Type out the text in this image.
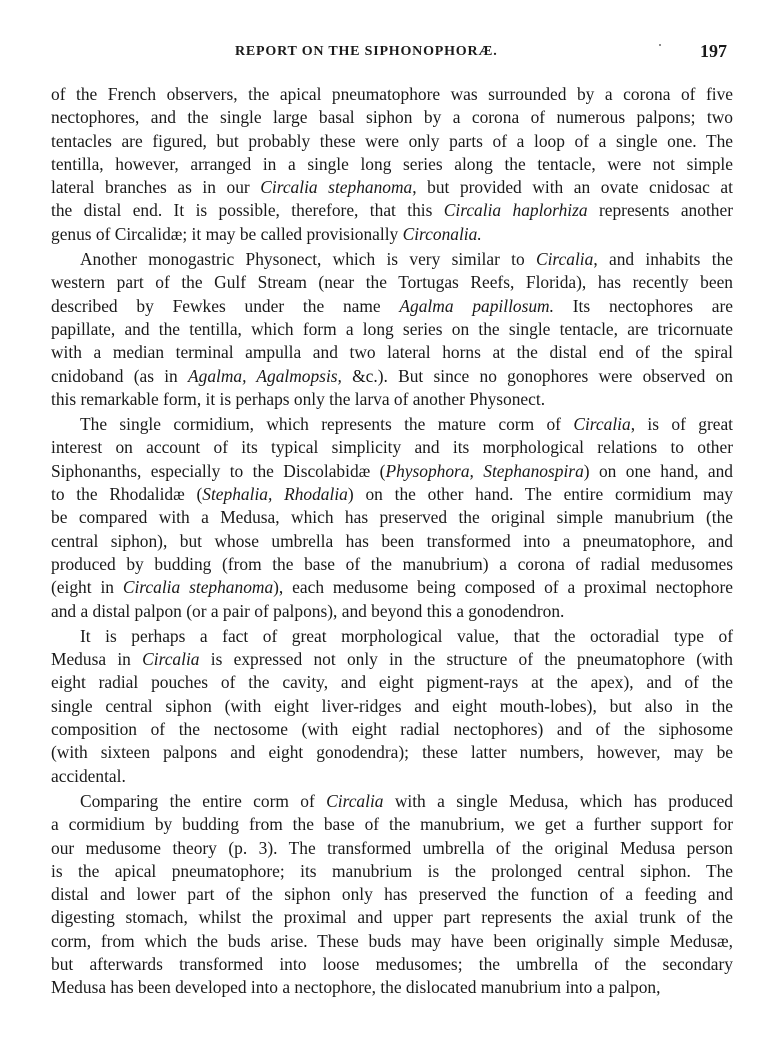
REPORT ON THE SIPHONOPHORÆ.	197
of the French observers, the apical pneumatophore was surrounded by a corona of five
nectophores, and the single large basal siphon by a corona of numerous palpons; two
tentacles are figured, but probably these were only parts of a loop of a single one. The
tentilla, however, arranged in a single long series along the tentacle, were not simple
lateral branches as in our Circalia stephanoma, but provided with an ovate cnidosac at
the distal end. It is possible, therefore, that this Circalia haplorhiza represents another
genus of Circalidæ; it may be called provisionally Circonalia.
Another monogastric Physonect, which is very similar to Circalia, and inhabits the
western part of the Gulf Stream (near the Tortugas Reefs, Florida), has recently been
described by Fewkes under the name Agalma papillosum. Its nectophores are
papillate, and the tentilla, which form a long series on the single tentacle, are tricornuate
with a median terminal ampulla and two lateral horns at the distal end of the spiral
cnidoband (as in Agalma, Agalmopsis, &c.). But since no gonophores were observed on
this remarkable form, it is perhaps only the larva of another Physonect.
The single cormidium, which represents the mature corm of Circalia, is of great
interest on account of its typical simplicity and its morphological relations to other
Siphonanths, especially to the Discolabidæ (Physophora, Stephanospira) on one hand, and
to the Rhodalidæ (Stephalia, Rhodalia) on the other hand. The entire cormidium may
be compared with a Medusa, which has preserved the original simple manubrium (the
central siphon), but whose umbrella has been transformed into a pneumatophore, and
produced by budding (from the base of the manubrium) a corona of radial medusomes
(eight in Circalia stephanoma), each medusome being composed of a proximal nectophore
and a distal palpon (or a pair of palpons), and beyond this a gonodendron.
It is perhaps a fact of great morphological value, that the octoradial type of
Medusa in Circalia is expressed not only in the structure of the pneumatophore (with
eight radial pouches of the cavity, and eight pigment-rays at the apex), and of the
single central siphon (with eight liver-ridges and eight mouth-lobes), but also in the
composition of the nectosome (with eight radial nectophores) and of the siphosome
(with sixteen palpons and eight gonodendra); these latter numbers, however, may be
accidental.
Comparing the entire corm of Circalia with a single Medusa, which has produced
a cormidium by budding from the base of the manubrium, we get a further support for
our medusome theory (p. 3). The transformed umbrella of the original Medusa person
is the apical pneumatophore; its manubrium is the prolonged central siphon. The
distal and lower part of the siphon only has preserved the function of a feeding and
digesting stomach, whilst the proximal and upper part represents the axial trunk of the
corm, from which the buds arise. These buds may have been originally simple Medusæ,
but afterwards transformed into loose medusomes; the umbrella of the secondary
Medusa has been developed into a nectophore, the dislocated manubrium into a palpon,
